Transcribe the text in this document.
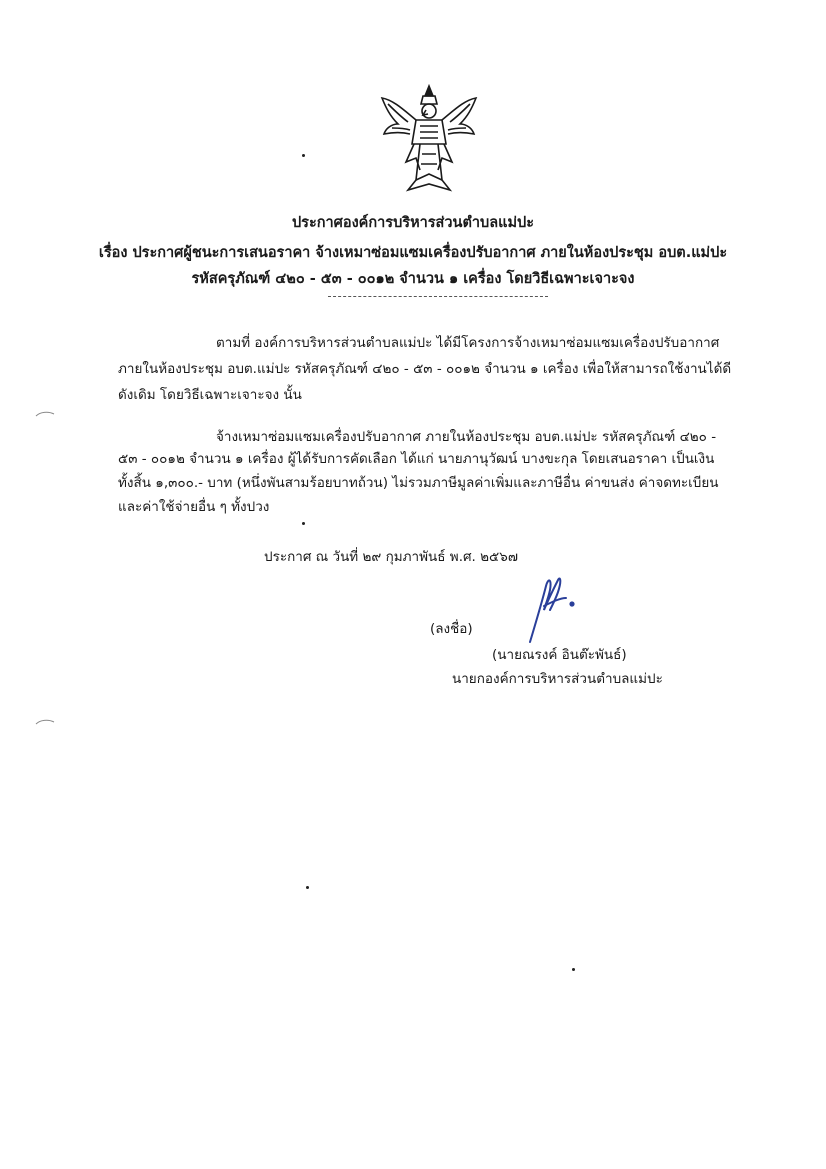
ประกาศองค์การบริหารส่วนตำบลแม่ปะ
เรื่อง ประกาศผู้ชนะการเสนอราคา จ้างเหมาซ่อมแซมเครื่องปรับอากาศ ภายในห้องประชุม อบต.แม่ปะ
รหัสครุภัณฑ์ ๔๒๐ - ๕๓ - ๐๐๑๒ จำนวน ๑ เครื่อง โดยวิธีเฉพาะเจาะจง
ตามที่ องค์การบริหารส่วนตำบลแม่ปะ ได้มีโครงการจ้างเหมาซ่อมแซมเครื่องปรับอากาศ
ภายในห้องประชุม อบต.แม่ปะ รหัสครุภัณฑ์ ๔๒๐ - ๕๓ - ๐๐๑๒ จำนวน ๑ เครื่อง เพื่อให้สามารถใช้งานได้ดี
ดังเดิม โดยวิธีเฉพาะเจาะจง นั้น
จ้างเหมาซ่อมแซมเครื่องปรับอากาศ ภายในห้องประชุม อบต.แม่ปะ รหัสครุภัณฑ์ ๔๒๐ -
๕๓ - ๐๐๑๒ จำนวน ๑ เครื่อง ผู้ได้รับการคัดเลือก ได้แก่ นายภานุวัฒน์ บางขะกุล โดยเสนอราคา เป็นเงิน
ทั้งสิ้น ๑,๓๐๐.- บาท (หนึ่งพันสามร้อยบาทถ้วน) ไม่รวมภาษีมูลค่าเพิ่มและภาษีอื่น ค่าขนส่ง ค่าจดทะเบียน
และค่าใช้จ่ายอื่น ๆ ทั้งปวง
ประกาศ ณ วันที่ ๒๙ กุมภาพันธ์ พ.ศ. ๒๕๖๗
(ลงชื่อ)
(นายณรงค์ อินต๊ะพันธ์)
นายกองค์การบริหารส่วนตำบลแม่ปะ
